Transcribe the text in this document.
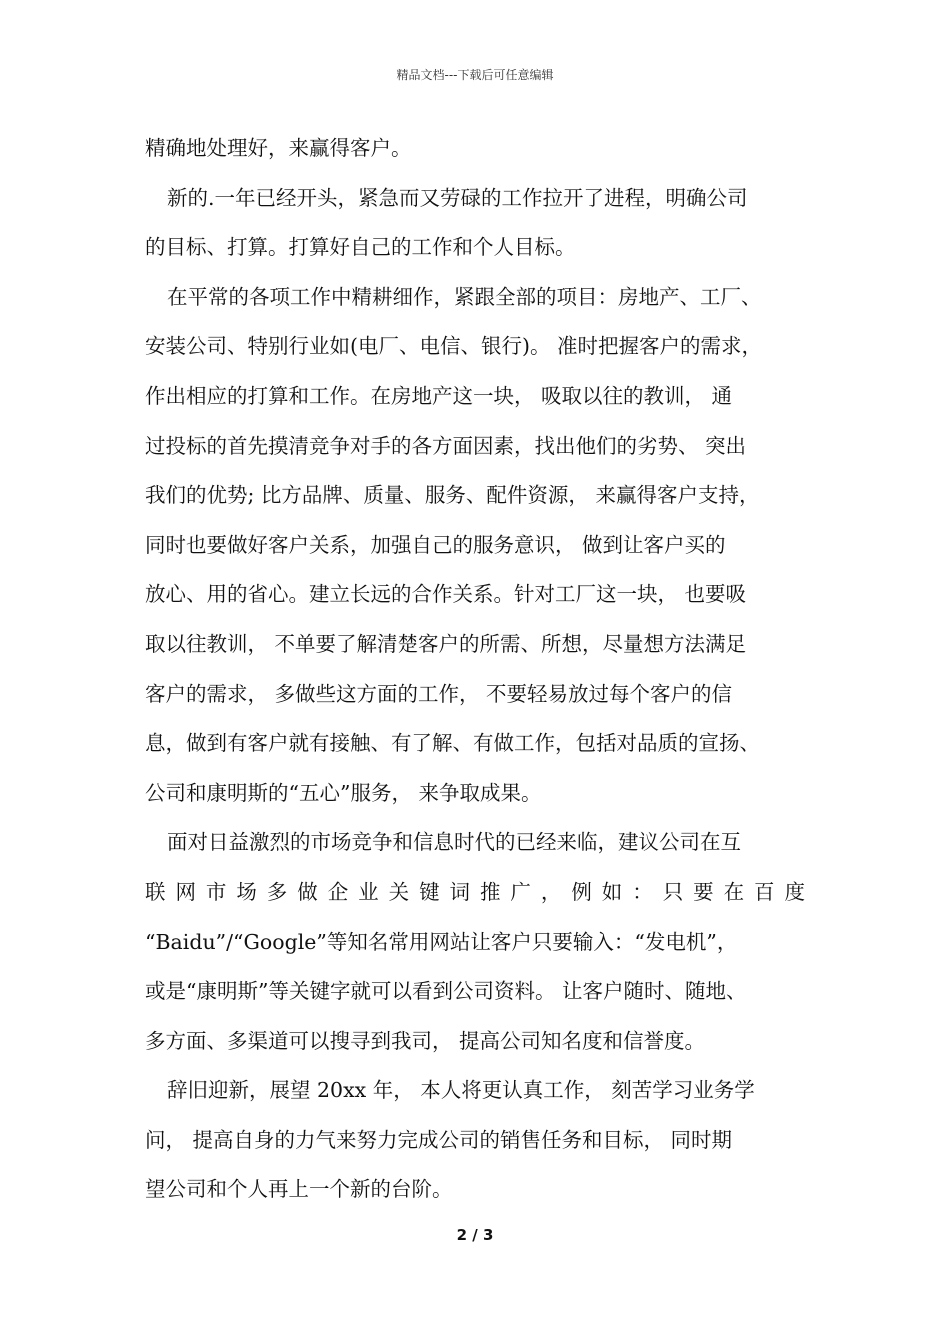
精品文档---下载后可任意编辑
精确地处理好，来赢得客户。
新的.一年已经开头，紧急而又劳碌的工作拉开了进程，明确公司
的目标、打算。打算好自己的工作和个人目标。
在平常的各项工作中精耕细作，紧跟全部的项目：房地产、工厂、
安装公司、特别行业如(电厂、电信、银行)。 准时把握客户的需求，
作出相应的打算和工作。在房地产这一块， 吸取以往的教训， 通
过投标的首先摸清竞争对手的各方面因素，找出他们的劣势、 突出
我们的优势; 比方品牌、质量、服务、配件资源， 来赢得客户支持，
同时也要做好客户关系，加强自己的服务意识， 做到让客户买的
放心、用的省心。建立长远的合作关系。针对工厂这一块， 也要吸
取以往教训， 不单要了解清楚客户的所需、所想，尽量想方法满足
客户的需求， 多做些这方面的工作， 不要轻易放过每个客户的信
息，做到有客户就有接触、有了解、有做工作，包括对品质的宣扬、
公司和康明斯的“五心”服务， 来争取成果。
面对日益激烈的市场竞争和信息时代的已经来临，建议公司在互
联网市场多做企业关键词推广，例如：只要在百度
“Baidu”/“Google”等知名常用网站让客户只要输入：“发电机”，
或是“康明斯”等关键字就可以看到公司资料。 让客户随时、随地、
多方面、多渠道可以搜寻到我司， 提高公司知名度和信誉度。
辞旧迎新，展望 20xx 年， 本人将更认真工作， 刻苦学习业务学
问， 提高自身的力气来努力完成公司的销售任务和目标， 同时期
望公司和个人再上一个新的台阶。
2 / 3
